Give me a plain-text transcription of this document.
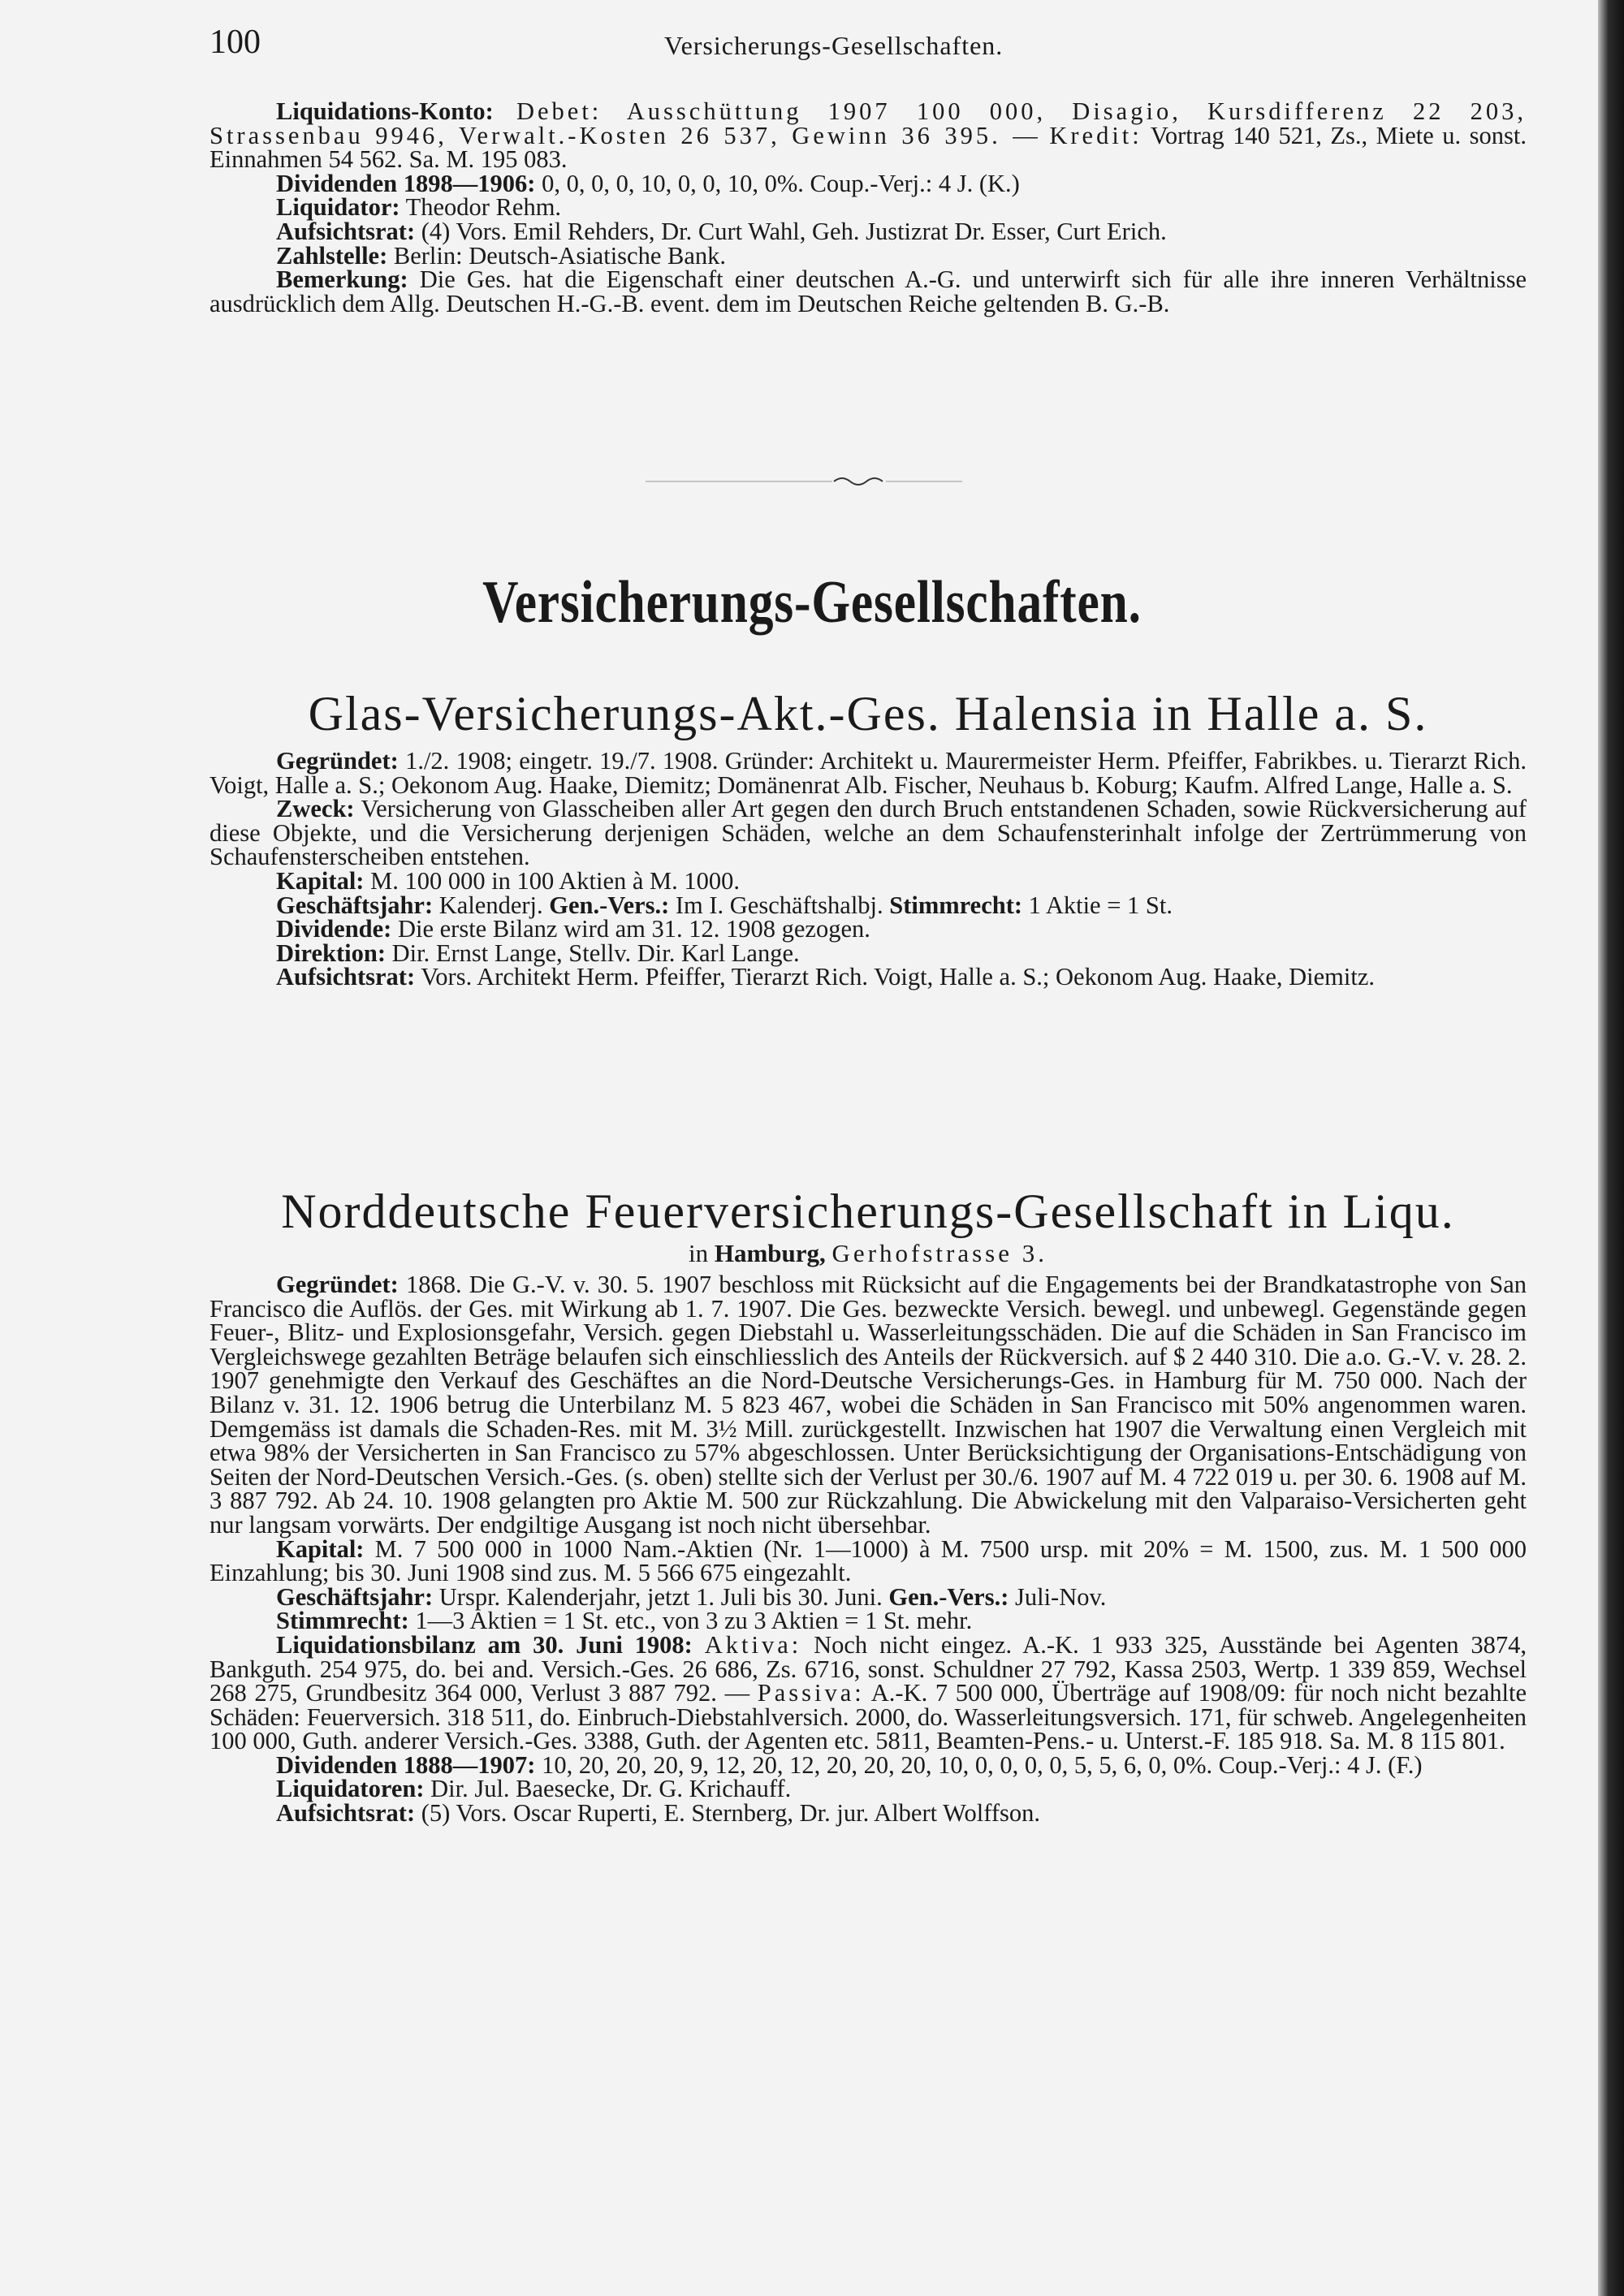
100	Versicherungs-Gesellschaften.

Liquidations-Konto: Debet: Ausschüttung 1907 100 000, Disagio, Kursdifferenz 22 203, Strassenbau 9946, Verwalt.-Kosten 26 537, Gewinn 36 395. — Kredit: Vortrag 140 521, Zs., Miete u. sonst. Einnahmen 54 562. Sa. M. 195 083.

Dividenden 1898—1906: 0, 0, 0, 0, 10, 0, 0, 10, 0%. Coup.-Verj.: 4 J. (K.)

Liquidator: Theodor Rehm.

Aufsichtsrat: (4) Vors. Emil Rehders, Dr. Curt Wahl, Geh. Justizrat Dr. Esser, Curt Erich.

Zahlstelle: Berlin: Deutsch-Asiatische Bank.

Bemerkung: Die Ges. hat die Eigenschaft einer deutschen A.-G. und unterwirft sich für alle ihre inneren Verhältnisse ausdrücklich dem Allg. Deutschen H.-G.-B. event. dem im Deutschen Reiche geltenden B. G.-B.

Versicherungs-Gesellschaften.
Glas-Versicherungs-Akt.-Ges. Halensia in Halle a. S.

Gegründet: 1./2. 1908; eingetr. 19./7. 1908. Gründer: Architekt u. Maurermeister Herm. Pfeiffer, Fabrikbes. u. Tierarzt Rich. Voigt, Halle a. S.; Oekonom Aug. Haake, Diemitz; Domänenrat Alb. Fischer, Neuhaus b. Koburg; Kaufm. Alfred Lange, Halle a. S.

Zweck: Versicherung von Glasscheiben aller Art gegen den durch Bruch entstandenen Schaden, sowie Rückversicherung auf diese Objekte, und die Versicherung derjenigen Schäden, welche an dem Schaufensterinhalt infolge der Zertrümmerung von Schaufensterscheiben entstehen.

Kapital: M. 100 000 in 100 Aktien à M. 1000.

Geschäftsjahr: Kalenderj. Gen.-Vers.: Im I. Geschäftshalbj. Stimmrecht: 1 Aktie = 1 St.

Dividende: Die erste Bilanz wird am 31. 12. 1908 gezogen.

Direktion: Dir. Ernst Lange, Stellv. Dir. Karl Lange.

Aufsichtsrat: Vors. Architekt Herm. Pfeiffer, Tierarzt Rich. Voigt, Halle a. S.; Oekonom Aug. Haake, Diemitz.

Norddeutsche Feuerversicherungs-Gesellschaft in Liqu.
in Hamburg, Gerhofstrasse 3.

Gegründet: 1868. Die G.-V. v. 30. 5. 1907 beschloss mit Rücksicht auf die Engagements bei der Brandkatastrophe von San Francisco die Auflös. der Ges. mit Wirkung ab 1. 7. 1907. Die Ges. bezweckte Versich. bewegl. und unbewegl. Gegenstände gegen Feuer-, Blitz- und Explosionsgefahr, Versich. gegen Diebstahl u. Wasserleitungsschäden. Die auf die Schäden in San Francisco im Vergleichswege gezahlten Beträge belaufen sich einschliesslich des Anteils der Rückversich. auf $ 2 440 310. Die a.o. G.-V. v. 28. 2. 1907 genehmigte den Verkauf des Geschäftes an die Nord-Deutsche Versicherungs-Ges. in Hamburg für M. 750 000. Nach der Bilanz v. 31. 12. 1906 betrug die Unterbilanz M. 5 823 467, wobei die Schäden in San Francisco mit 50% angenommen waren. Demgemäss ist damals die Schaden-Res. mit M. 3½ Mill. zurückgestellt. Inzwischen hat 1907 die Verwaltung einen Vergleich mit etwa 98% der Versicherten in San Francisco zu 57% abgeschlossen. Unter Berücksichtigung der Organisations-Entschädigung von Seiten der Nord-Deutschen Versich.-Ges. (s. oben) stellte sich der Verlust per 30./6. 1907 auf M. 4 722 019 u. per 30. 6. 1908 auf M. 3 887 792. Ab 24. 10. 1908 gelangten pro Aktie M. 500 zur Rückzahlung. Die Abwickelung mit den Valparaiso-Versicherten geht nur langsam vorwärts. Der endgiltige Ausgang ist noch nicht übersehbar.

Kapital: M. 7 500 000 in 1000 Nam.-Aktien (Nr. 1—1000) à M. 7500 ursp. mit 20% = M. 1500, zus. M. 1 500 000 Einzahlung; bis 30. Juni 1908 sind zus. M. 5 566 675 eingezahlt.

Geschäftsjahr: Urspr. Kalenderjahr, jetzt 1. Juli bis 30. Juni. Gen.-Vers.: Juli-Nov.

Stimmrecht: 1—3 Aktien = 1 St. etc., von 3 zu 3 Aktien = 1 St. mehr.

Liquidationsbilanz am 30. Juni 1908: Aktiva: Noch nicht eingez. A.-K. 1 933 325, Ausstände bei Agenten 3874, Bankguth. 254 975, do. bei and. Versich.-Ges. 26 686, Zs. 6716, sonst. Schuldner 27 792, Kassa 2503, Wertp. 1 339 859, Wechsel 268 275, Grundbesitz 364 000, Verlust 3 887 792. — Passiva: A.-K. 7 500 000, Überträge auf 1908/09: für noch nicht bezahlte Schäden: Feuerversich. 318 511, do. Einbruch-Diebstahlversich. 2000, do. Wasserleitungsversich. 171, für schweb. Angelegenheiten 100 000, Guth. anderer Versich.-Ges. 3388, Guth. der Agenten etc. 5811, Beamten-Pens.- u. Unterst.-F. 185 918. Sa. M. 8 115 801.

Dividenden 1888—1907: 10, 20, 20, 20, 9, 12, 20, 12, 20, 20, 20, 10, 0, 0, 0, 0, 5, 5, 6, 0, 0%. Coup.-Verj.: 4 J. (F.)

Liquidatoren: Dir. Jul. Baesecke, Dr. G. Krichauff.

Aufsichtsrat: (5) Vors. Oscar Ruperti, E. Sternberg, Dr. jur. Albert Wolffson.
